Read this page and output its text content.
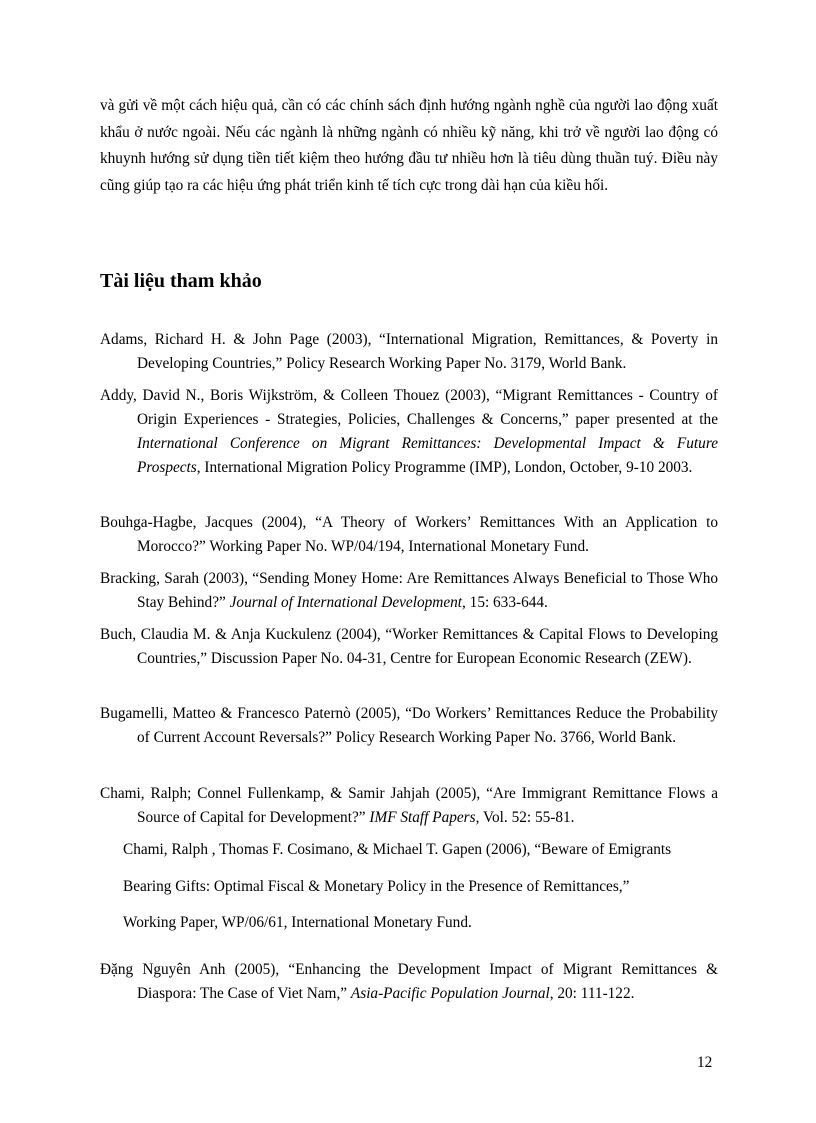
và gửi về một cách hiệu quả, cần có các chính sách định hướng ngành nghề của người lao động xuất khẩu ở nước ngoài. Nếu các ngành là những ngành có nhiều kỹ năng, khi trở về người lao động có khuynh hướng sử dụng tiền tiết kiệm theo hướng đầu tư nhiều hơn là tiêu dùng thuần tuý. Điều này cũng giúp tạo ra các hiệu ứng phát triển kinh tế tích cực trong dài hạn của kiều hối.

Tài liệu tham khảo

Adams, Richard H. & John Page (2003), “International Migration, Remittances, & Poverty in Developing Countries,” Policy Research Working Paper No. 3179, World Bank.

Addy, David N., Boris Wijkström, & Colleen Thouez (2003), “Migrant Remittances - Country of Origin Experiences - Strategies, Policies, Challenges & Concerns,” paper presented at the International Conference on Migrant Remittances: Developmental Impact & Future Prospects, International Migration Policy Programme (IMP), London, October, 9-10 2003.

Bouhga-Hagbe, Jacques (2004), “A Theory of Workers’ Remittances With an Application to Morocco?” Working Paper No. WP/04/194, International Monetary Fund.

Bracking, Sarah (2003), “Sending Money Home: Are Remittances Always Beneficial to Those Who Stay Behind?” Journal of International Development, 15: 633-644.

Buch, Claudia M. & Anja Kuckulenz (2004), “Worker Remittances & Capital Flows to Developing Countries,” Discussion Paper No. 04-31, Centre for European Economic Research (ZEW).

Bugamelli, Matteo & Francesco Paternò (2005), “Do Workers’ Remittances Reduce the Probability of Current Account Reversals?” Policy Research Working Paper No. 3766, World Bank.

Chami, Ralph; Connel Fullenkamp, & Samir Jahjah (2005), “Are Immigrant Remittance Flows a Source of Capital for Development?” IMF Staff Papers, Vol. 52: 55-81.

Chami, Ralph , Thomas F. Cosimano, & Michael T. Gapen (2006), “Beware of Emigrants

Bearing Gifts: Optimal Fiscal & Monetary Policy in the Presence of Remittances,”

Working Paper, WP/06/61, International Monetary Fund.

Đặng Nguyên Anh (2005), “Enhancing the Development Impact of Migrant Remittances & Diaspora: The Case of Viet Nam,” Asia-Pacific Population Journal, 20: 111-122.

12
